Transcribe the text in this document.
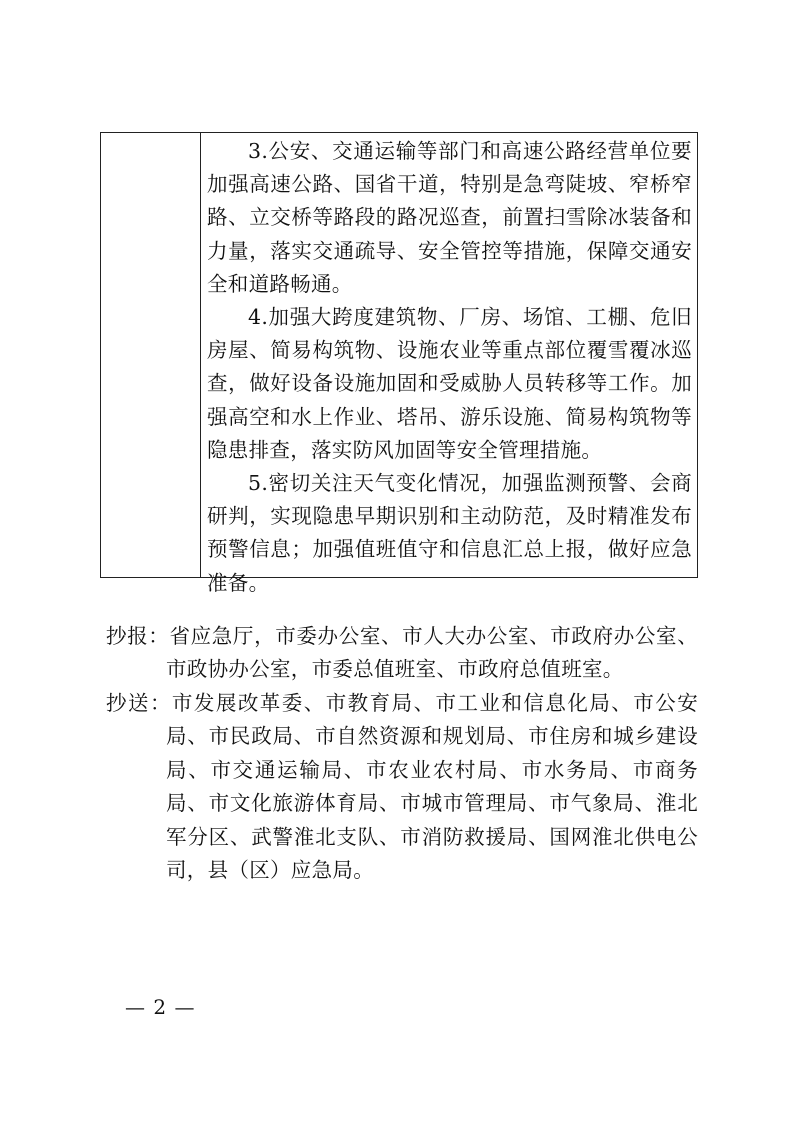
3.公安、交通运输等部门和高速公路经营单位要加强高速公路、国省干道，特别是急弯陡坡、窄桥窄路、立交桥等路段的路况巡查，前置扫雪除冰装备和力量，落实交通疏导、安全管控等措施，保障交通安全和道路畅通。

4.加强大跨度建筑物、厂房、场馆、工棚、危旧房屋、简易构筑物、设施农业等重点部位覆雪覆冰巡查，做好设备设施加固和受威胁人员转移等工作。加强高空和水上作业、塔吊、游乐设施、简易构筑物等隐患排查，落实防风加固等安全管理措施。

5.密切关注天气变化情况，加强监测预警、会商研判，实现隐患早期识别和主动防范，及时精准发布预警信息；加强值班值守和信息汇总上报，做好应急准备。

抄报：省应急厅，市委办公室、市人大办公室、市政府办公室、市政协办公室，市委总值班室、市政府总值班室。

抄送：市发展改革委、市教育局、市工业和信息化局、市公安局、市民政局、市自然资源和规划局、市住房和城乡建设局、市交通运输局、市农业农村局、市水务局、市商务局、市文化旅游体育局、市城市管理局、市气象局、淮北军分区、武警淮北支队、市消防救援局、国网淮北供电公司，县（区）应急局。

— 2 —
